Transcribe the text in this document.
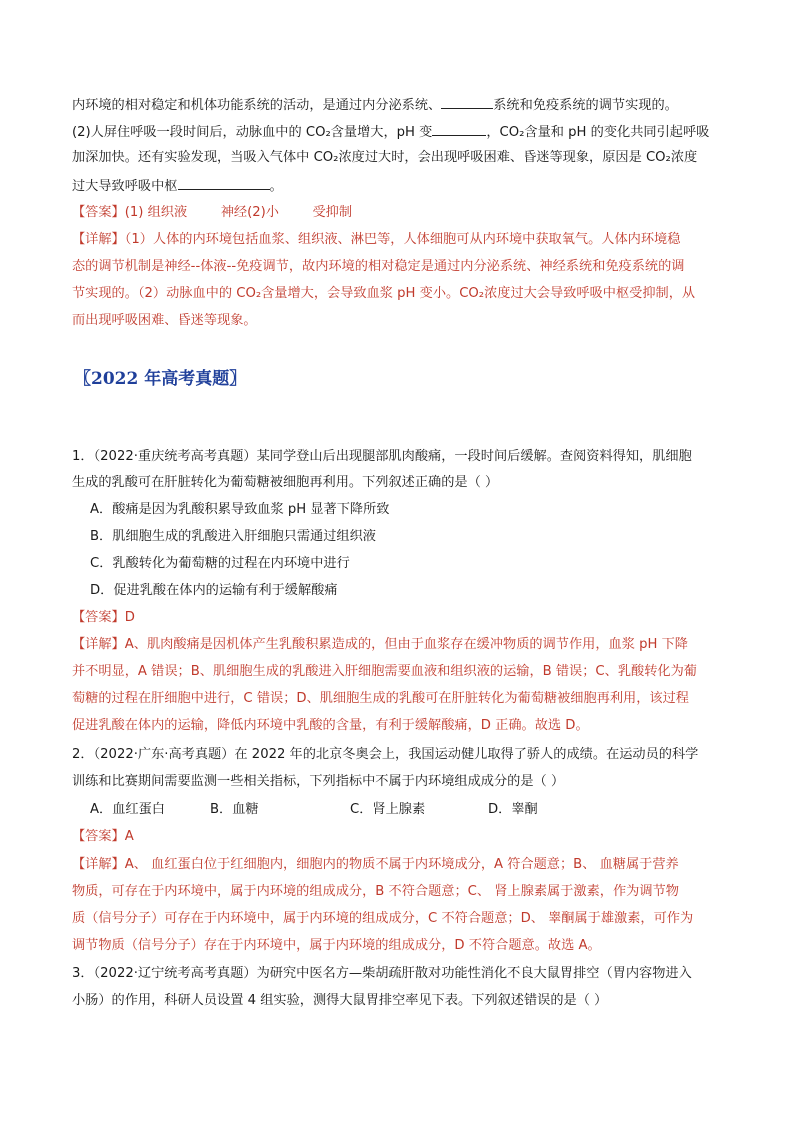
内环境的相对稳定和机体功能系统的活动，是通过内分泌系统、	系统和免疫系统的调节实现的。
(2)人屏住呼吸一段时间后，动脉血中的 CO₂含量增大，pH 变	，CO₂含量和 pH 的变化共同引起呼吸
加深加快。还有实验发现，当吸入气体中 CO₂浓度过大时，会出现呼吸困难、昏迷等现象，原因是 CO₂浓度
过大导致呼吸中枢	。
【答案】(1) 组织液        神经(2)小        受抑制
【详解】（1）人体的内环境包括血浆、组织液、淋巴等，人体细胞可从内环境中获取氧气。人体内环境稳
态的调节机制是神经--体液--免疫调节，故内环境的相对稳定是通过内分泌系统、神经系统和免疫系统的调
节实现的。（2）动脉血中的 CO₂含量增大，会导致血浆 pH 变小。CO₂浓度过大会导致呼吸中枢受抑制，从
而出现呼吸困难、昏迷等现象。
〖2022 年高考真题〗
1．（2022·重庆统考高考真题）某同学登山后出现腿部肌肉酸痛，一段时间后缓解。查阅资料得知，肌细胞
生成的乳酸可在肝脏转化为葡萄糖被细胞再利用。下列叙述正确的是（ ）
A．酸痛是因为乳酸积累导致血浆 pH 显著下降所致
B．肌细胞生成的乳酸进入肝细胞只需通过组织液
C．乳酸转化为葡萄糖的过程在内环境中进行
D．促进乳酸在体内的运输有利于缓解酸痛
【答案】D
【详解】A、肌肉酸痛是因机体产生乳酸积累造成的，但由于血浆存在缓冲物质的调节作用，血浆 pH 下降
并不明显，A 错误；B、肌细胞生成的乳酸进入肝细胞需要血液和组织液的运输，B 错误；C、乳酸转化为葡
萄糖的过程在肝细胞中进行，C 错误；D、肌细胞生成的乳酸可在肝脏转化为葡萄糖被细胞再利用，该过程
促进乳酸在体内的运输，降低内环境中乳酸的含量，有利于缓解酸痛，D 正确。故选 D。
2．（2022·广东·高考真题）在 2022 年的北京冬奥会上，我国运动健儿取得了骄人的成绩。在运动员的科学
训练和比赛期间需要监测一些相关指标，下列指标中不属于内环境组成成分的是（ ）
A．血红蛋白	B．血糖	C．肾上腺素	D．睾酮
【答案】A
【详解】A、 血红蛋白位于红细胞内，细胞内的物质不属于内环境成分，A 符合题意；B、 血糖属于营养
物质，可存在于内环境中，属于内环境的组成成分，B 不符合题意；C、 肾上腺素属于激素，作为调节物
质（信号分子）可存在于内环境中，属于内环境的组成成分，C 不符合题意；D、 睾酮属于雄激素，可作为
调节物质（信号分子）存在于内环境中，属于内环境的组成成分，D 不符合题意。故选 A。
3．（2022·辽宁统考高考真题）为研究中医名方—柴胡疏肝散对功能性消化不良大鼠胃排空（胃内容物进入
小肠）的作用，科研人员设置 4 组实验，测得大鼠胃排空率见下表。下列叙述错误的是（ ）
